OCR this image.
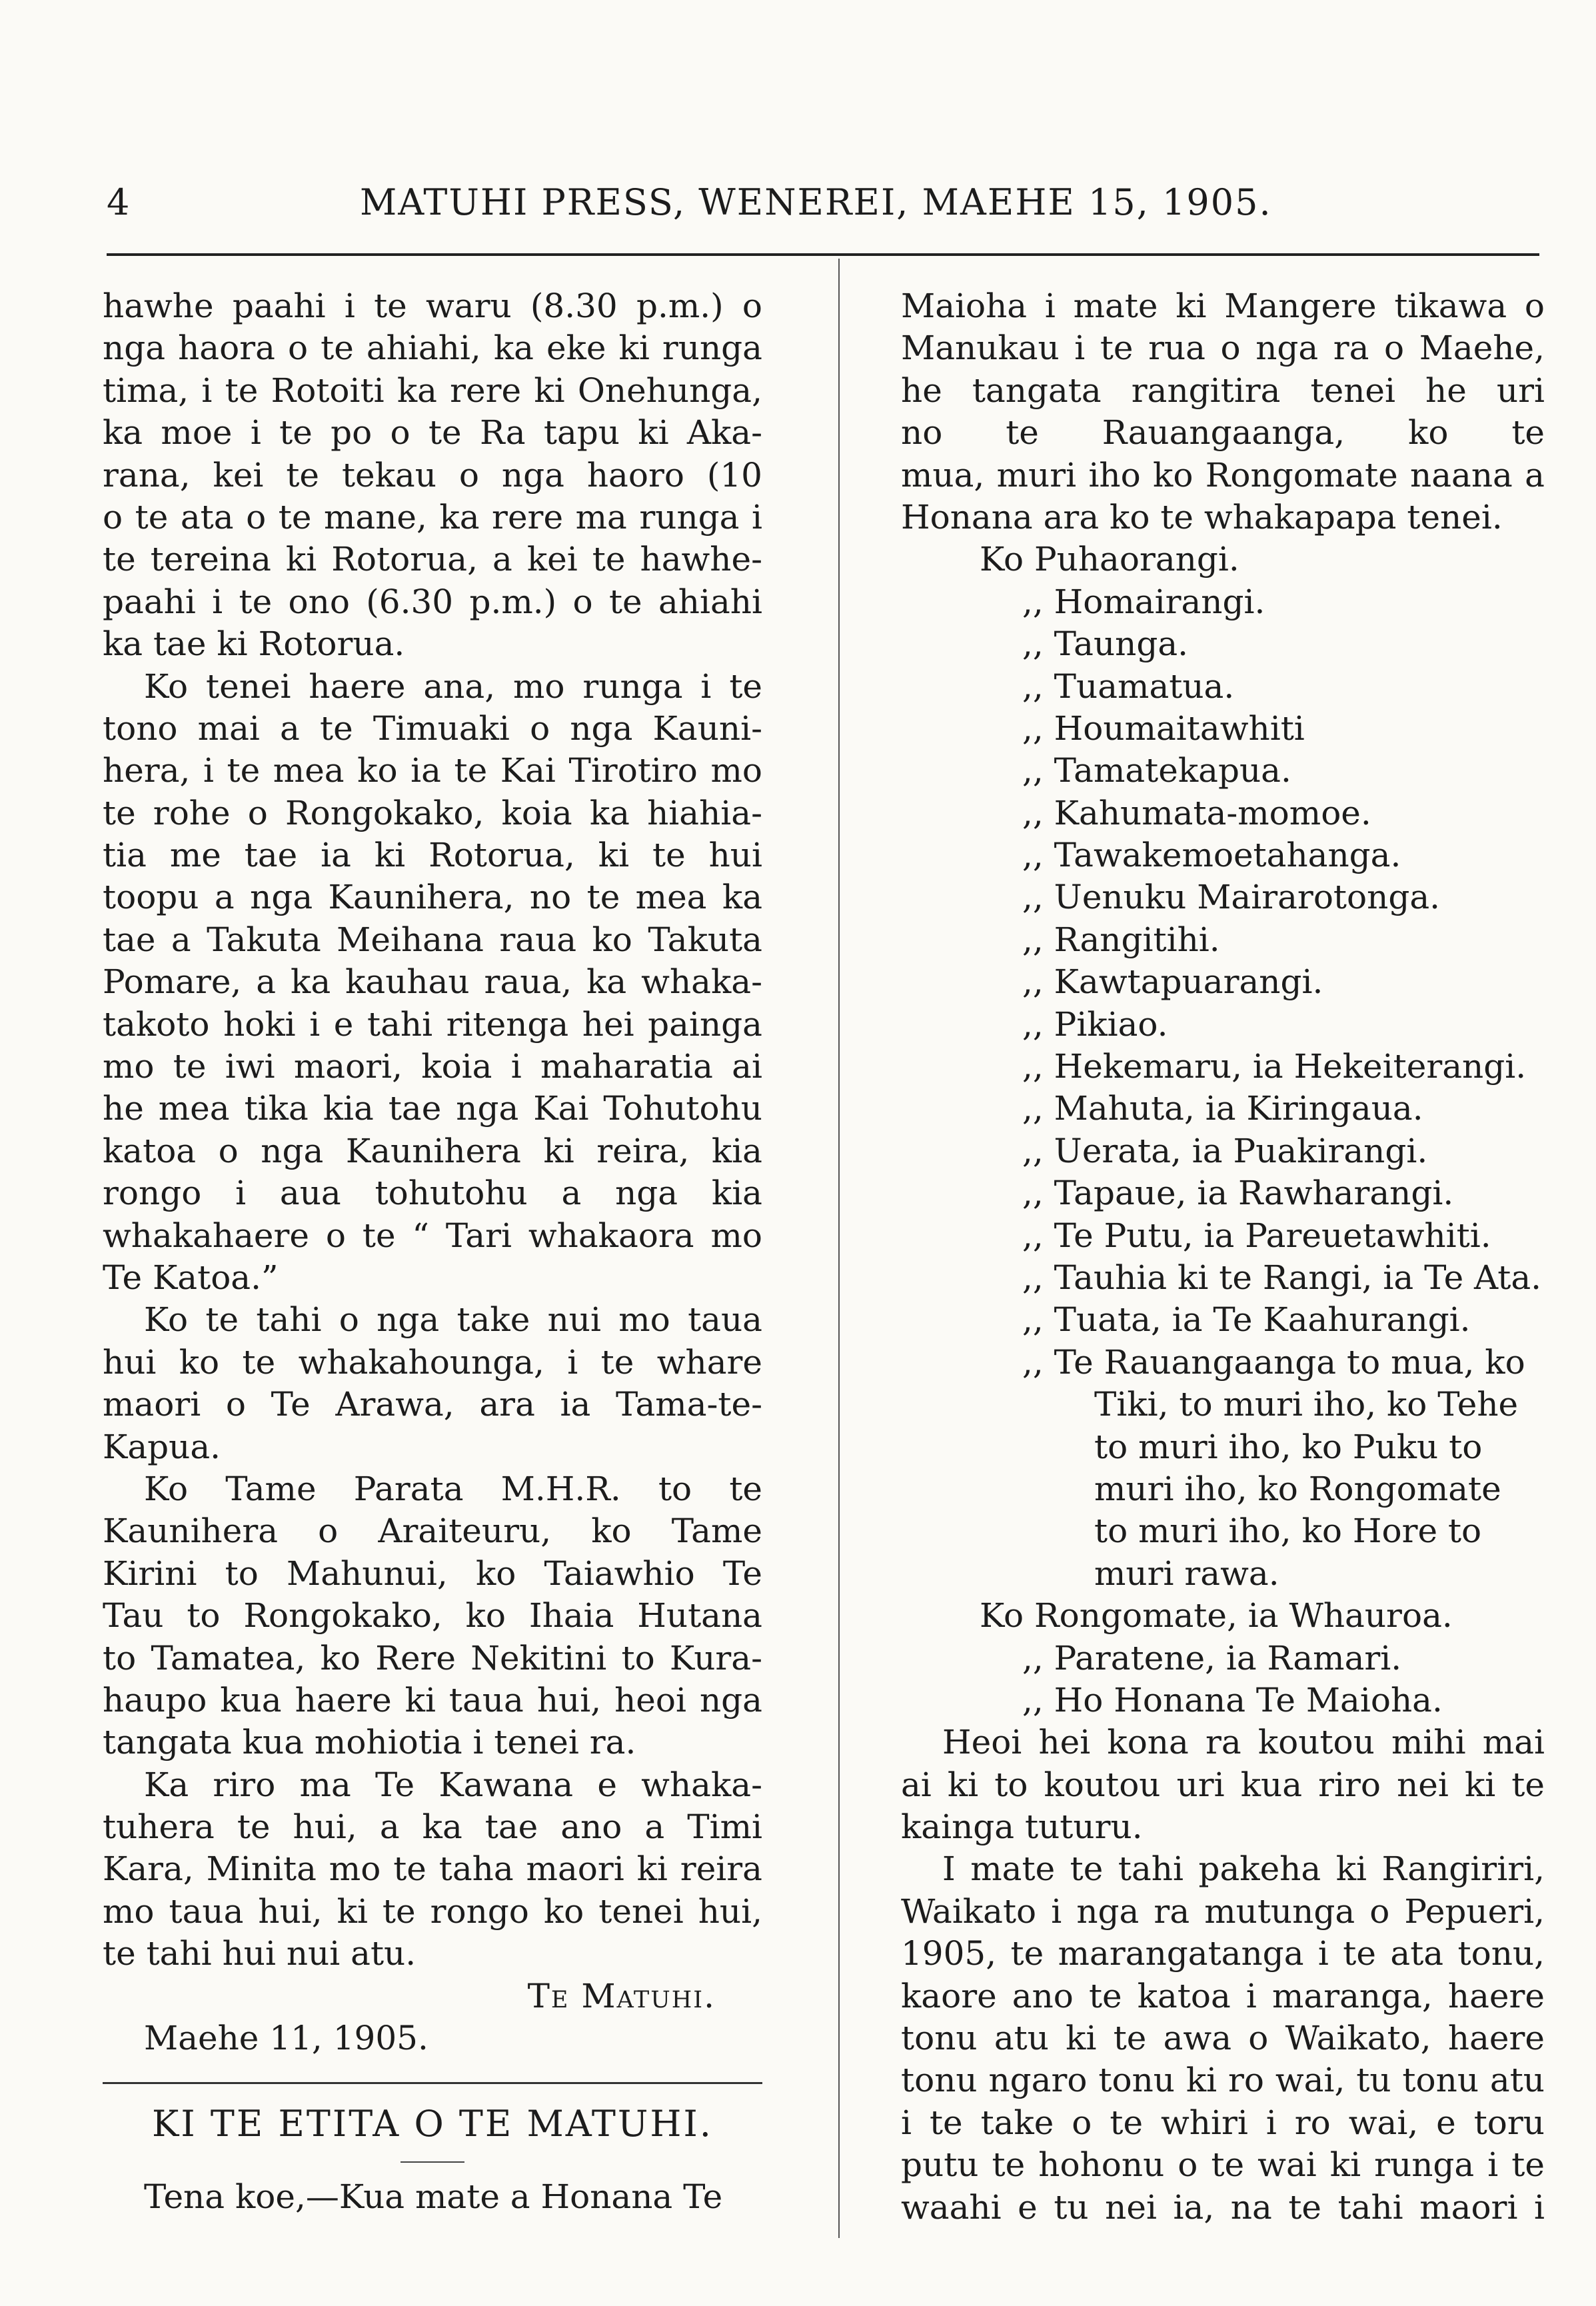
4	MATUHI PRESS, WENEREI, MAEHE 15, 1905.
hawhe paahi i te waru (8.30 p.m.) o
nga haora o te ahiahi, ka eke ki runga
tima, i te Rotoiti ka rere ki Onehunga,
ka moe i te po o te Ra tapu ki Aka-
rana, kei te tekau o nga haoro (10
o te ata o te mane, ka rere ma runga i
te tereina ki Rotorua, a kei te hawhe-
paahi i te ono (6.30 p.m.) o te ahiahi
ka tae ki Rotorua.
Ko tenei haere ana, mo runga i te
tono mai a te Timuaki o nga Kauni-
hera, i te mea ko ia te Kai Tirotiro mo
te rohe o Rongokako, koia ka hiahia-
tia me tae ia ki Rotorua, ki te hui
toopu a nga Kaunihera, no te mea ka
tae a Takuta Meihana raua ko Takuta
Pomare, a ka kauhau raua, ka whaka-
takoto hoki i e tahi ritenga hei painga
mo te iwi maori, koia i maharatia ai
he mea tika kia tae nga Kai Tohutohu
katoa o nga Kaunihera ki reira, kia
rongo i aua tohutohu a nga kia
whakahaere o te “ Tari whakaora mo
Te Katoa.”
Ko te tahi o nga take nui mo taua
hui ko te whakahounga, i te whare
maori o Te Arawa, ara ia Tama-te-
Kapua.
Ko Tame Parata M.H.R. to te
Kaunihera o Araiteuru, ko Tame
Kirini to Mahunui, ko Taiawhio Te
Tau to Rongokako, ko Ihaia Hutana
to Tamatea, ko Rere Nekitini to Kura-
haupo kua haere ki taua hui, heoi nga
tangata kua mohiotia i tenei ra.
Ka riro ma Te Kawana e whaka-
tuhera te hui, a ka tae ano a Timi
Kara, Minita mo te taha maori ki reira
mo taua hui, ki te rongo ko tenei hui,
te tahi hui nui atu.
Te Matuhi.
Maehe 11, 1905.
KI TE ETITA O TE MATUHI.
Tena koe,—Kua mate a Honana Te
Maioha i mate ki Mangere tikawa o
Manukau i te rua o nga ra o Maehe,
he tangata rangitira tenei he uri
no te Rauangaanga, ko te
mua, muri iho ko Rongomate naana a
Honana ara ko te whakapapa tenei.
Ko Puhaorangi.
,, Homairangi.
,, Taunga.
,, Tuamatua.
,, Houmaitawhiti
,, Tamatekapua.
,, Kahumata-momoe.
,, Tawakemoetahanga.
,, Uenuku Mairarotonga.
,, Rangitihi.
,, Kawtapuarangi.
,, Pikiao.
,, Hekemaru, ia Hekeiterangi.
,, Mahuta, ia Kiringaua.
,, Uerata, ia Puakirangi.
,, Tapaue, ia Rawharangi.
,, Te Putu, ia Pareuetawhiti.
,, Tauhia ki te Rangi, ia Te Ata.
,, Tuata, ia Te Kaahurangi.
,, Te Rauangaanga to mua, ko
Tiki, to muri iho, ko Tehe
to muri iho, ko Puku to
muri iho, ko Rongomate
to muri iho, ko Hore to
muri rawa.
Ko Rongomate, ia Whauroa.
,, Paratene, ia Ramari.
,, Ho Honana Te Maioha.
Heoi hei kona ra koutou mihi mai
ai ki to koutou uri kua riro nei ki te
kainga tuturu.
I mate te tahi pakeha ki Rangiriri,
Waikato i nga ra mutunga o Pepueri,
1905, te marangatanga i te ata tonu,
kaore ano te katoa i maranga, haere
tonu atu ki te awa o Waikato, haere
tonu ngaro tonu ki ro wai, tu tonu atu
i te take o te whiri i ro wai, e toru
putu te hohonu o te wai ki runga i te
waahi e tu nei ia, na te tahi maori i
